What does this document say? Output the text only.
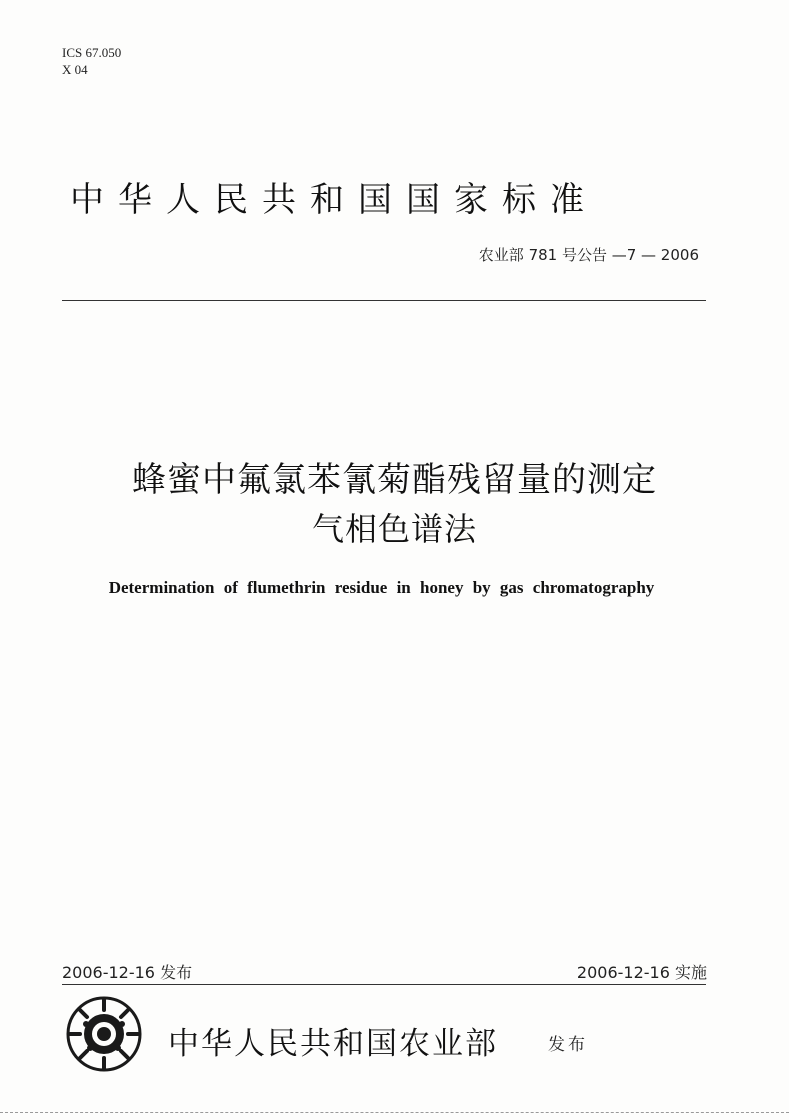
ICS 67.050
X 04
中华人民共和国国家标准
农业部 781 号公告 —7 — 2006
蜂蜜中氟氯苯氰菊酯残留量的测定
气相色谱法
Determination of flumethrin residue in honey by gas chromatography
2006-12-16 发布	2006-12-16 实施
中华人民共和国农业部	发布
